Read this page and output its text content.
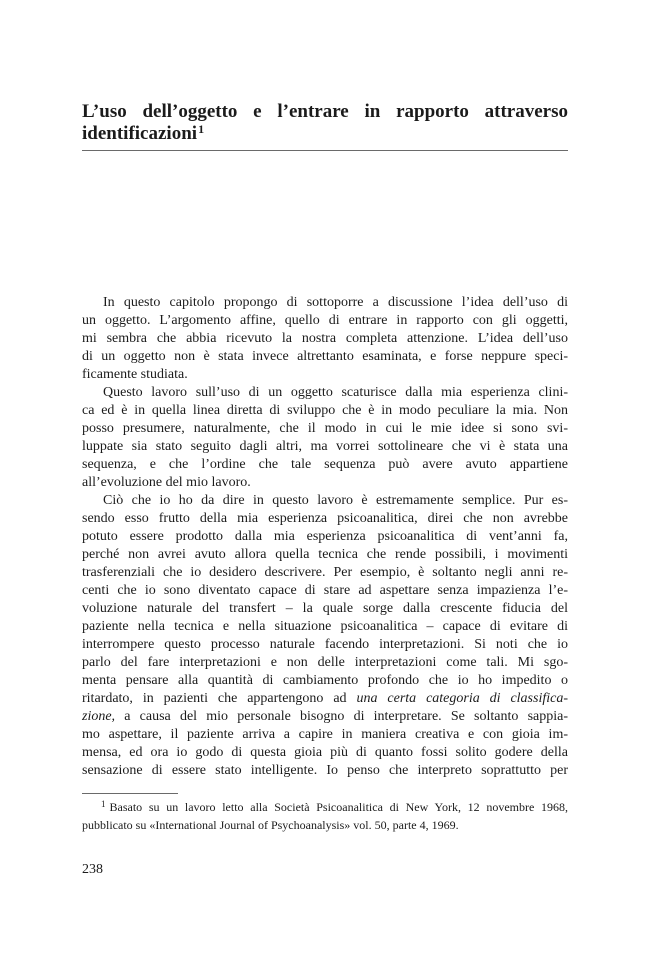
L’uso dell’oggetto e l’entrare in rapporto attraverso
identificazioni$^1$
In questo capitolo propongo di sottoporre a discussione l’idea dell’uso di
un oggetto. L’argomento affine, quello di entrare in rapporto con gli oggetti,
mi sembra che abbia ricevuto la nostra completa attenzione. L’idea dell’uso
di un oggetto non è stata invece altrettanto esaminata, e forse neppure speci-
ficamente studiata.
Questo lavoro sull’uso di un oggetto scaturisce dalla mia esperienza clini-
ca ed è in quella linea diretta di sviluppo che è in modo peculiare la mia. Non
posso presumere, naturalmente, che il modo in cui le mie idee si sono svi-
luppate sia stato seguito dagli altri, ma vorrei sottolineare che vi è stata una
sequenza, e che l’ordine che tale sequenza può avere avuto appartiene
all’evoluzione del mio lavoro.
Ciò che io ho da dire in questo lavoro è estremamente semplice. Pur es-
sendo esso frutto della mia esperienza psicoanalitica, direi che non avrebbe
potuto essere prodotto dalla mia esperienza psicoanalitica di vent’anni fa,
perché non avrei avuto allora quella tecnica che rende possibili, i movimenti
trasferenziali che io desidero descrivere. Per esempio, è soltanto negli anni re-
centi che io sono diventato capace di stare ad aspettare senza impazienza l’e-
voluzione naturale del transfert – la quale sorge dalla crescente fiducia del
paziente nella tecnica e nella situazione psicoanalitica – capace di evitare di
interrompere questo processo naturale facendo interpretazioni. Si noti che io
parlo del fare interpretazioni e non delle interpretazioni come tali. Mi sgo-
menta pensare alla quantità di cambiamento profondo che io ho impedito o
ritardato, in pazienti che appartengono ad una certa categoria di classifica-
zione, a causa del mio personale bisogno di interpretare. Se soltanto sappia-
mo aspettare, il paziente arriva a capire in maniera creativa e con gioia im-
mensa, ed ora io godo di questa gioia più di quanto fossi solito godere della
sensazione di essere stato intelligente. Io penso che interpreto soprattutto per
$^1$ Basato su un lavoro letto alla Società Psicoanalitica di New York, 12 novembre 1968,
pubblicato su «International Journal of Psychoanalysis» vol. 50, parte 4, 1969.
238
